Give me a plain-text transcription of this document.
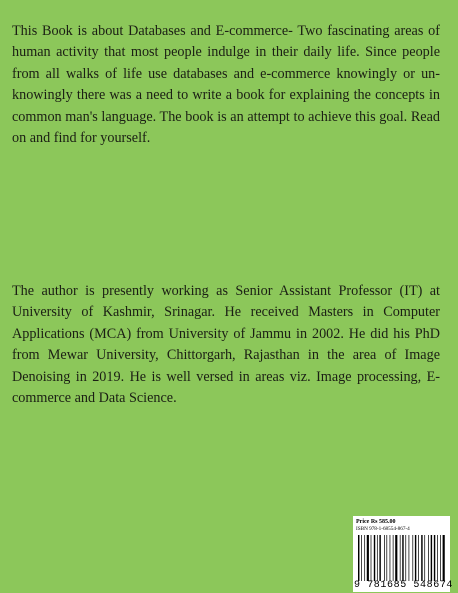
This Book is about Databases and E-commerce- Two fascinating areas of human activity that most people indulge in their daily life. Since people from all walks of life use databases and e-commerce knowingly or un-knowingly there was a need to write a book for explaining the concepts in common man's language. The book is an attempt to achieve this goal. Read on and find for yourself.

The author is presently working as Senior Assistant Professor (IT) at University of Kashmir, Srinagar. He received Masters in Computer Applications (MCA) from University of Jammu in 2002. He did his PhD from Mewar University, Chittorgarh, Rajasthan in the area of Image Denoising in 2019. He is well versed in areas viz. Image processing, E-commerce and Data Science.

Price Rs 585.00
ISBN 978-1-68554-867-4
9 781685 548674
